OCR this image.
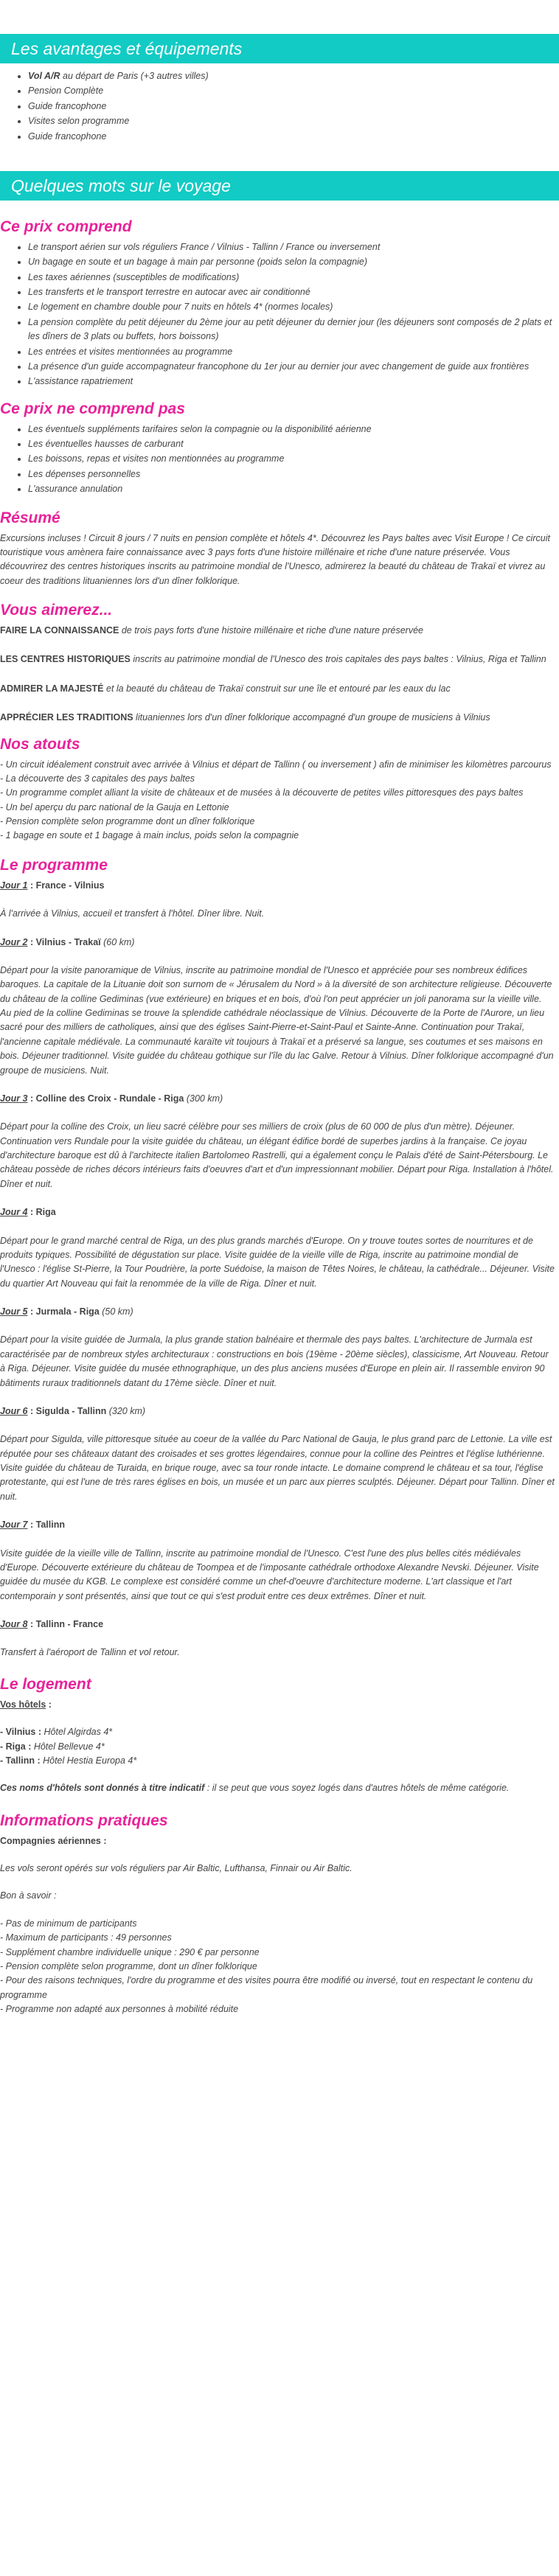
Les avantages et équipements
• Vol A/R au départ de Paris (+3 autres villes)
• Pension Complète
• Guide francophone
• Visites selon programme
• Guide francophone
Quelques mots sur le voyage
Ce prix comprend
• Le transport aérien sur vols réguliers France / Vilnius - Tallinn / France ou inversement
• Un bagage en soute et un bagage à main par personne (poids selon la compagnie)
• Les taxes aériennes (susceptibles de modifications)
• Les transferts et le transport terrestre en autocar avec air conditionné
• Le logement en chambre double pour 7 nuits en hôtels 4* (normes locales)
• La pension complète du petit déjeuner du 2ème jour au petit déjeuner du dernier jour (les déjeuners sont composés de 2 plats et les dîners de 3 plats ou buffets, hors boissons)
• Les entrées et visites mentionnées au programme
• La présence d'un guide accompagnateur francophone du 1er jour au dernier jour avec changement de guide aux frontières
• L'assistance rapatriement
Ce prix ne comprend pas
• Les éventuels suppléments tarifaires selon la compagnie ou la disponibilité aérienne
• Les éventuelles hausses de carburant
• Les boissons, repas et visites non mentionnées au programme
• Les dépenses personnelles
• L'assurance annulation
Résumé

Excursions incluses ! Circuit 8 jours / 7 nuits en pension complète et hôtels 4*. Découvrez les Pays baltes avec Visit Europe ! Ce circuit touristique vous amènera faire connaissance avec 3 pays forts d'une histoire millénaire et riche d'une nature préservée. Vous découvrirez des centres historiques inscrits au patrimoine mondial de l'Unesco, admirerez la beauté du château de Trakaï et vivrez au coeur des traditions lituaniennes lors d'un dîner folklorique.

Vous aimerez...

FAIRE LA CONNAISSANCE de trois pays forts d'une histoire millénaire et riche d'une nature préservée

LES CENTRES HISTORIQUES inscrits au patrimoine mondial de l'Unesco des trois capitales des pays baltes : Vilnius, Riga et Tallinn

ADMIRER LA MAJESTÉ et la beauté du château de Trakaï construit sur une île et entouré par les eaux du lac

APPRÉCIER LES TRADITIONS lituaniennes lors d'un dîner folklorique accompagné d'un groupe de musiciens à Vilnius

Nos atouts

- Un circuit idéalement construit avec arrivée à Vilnius et départ de Tallinn ( ou inversement ) afin de minimiser les kilomètres parcourus

- La découverte des 3 capitales des pays baltes

- Un programme complet alliant la visite de châteaux et de musées à la découverte de petites villes pittoresques des pays baltes

- Un bel aperçu du parc national de la Gauja en Lettonie

- Pension complète selon programme dont un dîner folklorique

- 1 bagage en soute et 1 bagage à main inclus, poids selon la compagnie

Le programme

Jour 1 : France - Vilnius

À l'arrivée à Vilnius, accueil et transfert à l'hôtel. Dîner libre. Nuit.

Jour 2 : Vilnius - Trakaï (60 km)

Départ pour la visite panoramique de Vilnius, inscrite au patrimoine mondial de l'Unesco et appréciée pour ses nombreux édifices baroques. La capitale de la Lituanie doit son surnom de « Jérusalem du Nord » à la diversité de son architecture religieuse. Découverte du château de la colline Gediminas (vue extérieure) en briques et en bois, d'où l'on peut apprécier un joli panorama sur la vieille ville. Au pied de la colline Gediminas se trouve la splendide cathédrale néoclassique de Vilnius. Découverte de la Porte de l'Aurore, un lieu sacré pour des milliers de catholiques, ainsi que des églises Saint-Pierre-et-Saint-Paul et Sainte-Anne. Continuation pour Trakaï, l'ancienne capitale médiévale. La communauté karaïte vit toujours à Trakaï et a préservé sa langue, ses coutumes et ses maisons en bois. Déjeuner traditionnel. Visite guidée du château gothique sur l'île du lac Galve. Retour à Vilnius. Dîner folklorique accompagné d'un groupe de musiciens. Nuit.

Jour 3 : Colline des Croix - Rundale - Riga (300 km)

Départ pour la colline des Croix, un lieu sacré célèbre pour ses milliers de croix (plus de 60 000 de plus d'un mètre). Déjeuner. Continuation vers Rundale pour la visite guidée du château, un élégant édifice bordé de superbes jardins à la française. Ce joyau d'architecture baroque est dû à l'architecte italien Bartolomeo Rastrelli, qui a également conçu le Palais d'été de Saint-Pétersbourg. Le château possède de riches décors intérieurs faits d'oeuvres d'art et d'un impressionnant mobilier. Départ pour Riga. Installation à l'hôtel. Dîner et nuit.

Jour 4 : Riga

Départ pour le grand marché central de Riga, un des plus grands marchés d'Europe. On y trouve toutes sortes de nourritures et de produits typiques. Possibilité de dégustation sur place. Visite guidée de la vieille ville de Riga, inscrite au patrimoine mondial de l'Unesco : l'église St-Pierre, la Tour Poudrière, la porte Suédoise, la maison de Têtes Noires, le château, la cathédrale... Déjeuner. Visite du quartier Art Nouveau qui fait la renommée de la ville de Riga. Dîner et nuit.

Jour 5 : Jurmala - Riga (50 km)

Départ pour la visite guidée de Jurmala, la plus grande station balnéaire et thermale des pays baltes. L'architecture de Jurmala est caractérisée par de nombreux styles architecturaux : constructions en bois (19ème - 20ème siècles), classicisme, Art Nouveau. Retour à Riga. Déjeuner. Visite guidée du musée ethnographique, un des plus anciens musées d'Europe en plein air. Il rassemble environ 90 bâtiments ruraux traditionnels datant du 17ème siècle. Dîner et nuit.

Jour 6 : Sigulda - Tallinn (320 km)

Départ pour Sigulda, ville pittoresque située au coeur de la vallée du Parc National de Gauja, le plus grand parc de Lettonie. La ville est réputée pour ses châteaux datant des croisades et ses grottes légendaires, connue pour la colline des Peintres et l'église luthérienne. Visite guidée du château de Turaida, en brique rouge, avec sa tour ronde intacte. Le domaine comprend le château et sa tour, l'église protestante, qui est l'une de très rares églises en bois, un musée et un parc aux pierres sculptés. Déjeuner. Départ pour Tallinn. Dîner et nuit.

Jour 7 : Tallinn

Visite guidée de la vieille ville de Tallinn, inscrite au patrimoine mondial de l'Unesco. C'est l'une des plus belles cités médiévales d'Europe. Découverte extérieure du château de Toompea et de l'imposante cathédrale orthodoxe Alexandre Nevski. Déjeuner. Visite guidée du musée du KGB. Le complexe est considéré comme un chef-d'oeuvre d'architecture moderne. L'art classique et l'art contemporain y sont présentés, ainsi que tout ce qui s'est produit entre ces deux extrêmes. Dîner et nuit.

Jour 8 : Tallinn - France

Transfert à l'aéroport de Tallinn et vol retour.

Le logement

Vos hôtels :

- Vilnius : Hôtel Algirdas 4*

- Riga : Hôtel Bellevue 4*

- Tallinn : Hôtel Hestia Europa 4*

Ces noms d'hôtels sont donnés à titre indicatif : il se peut que vous soyez logés dans d'autres hôtels de même catégorie.

Informations pratiques

Compagnies aériennes :

Les vols seront opérés sur vols réguliers par Air Baltic, Lufthansa, Finnair ou Air Baltic.

Bon à savoir :

- Pas de minimum de participants

- Maximum de participants : 49 personnes

- Supplément chambre individuelle unique : 290 € par personne

- Pension complète selon programme, dont un dîner folklorique

- Pour des raisons techniques, l'ordre du programme et des visites pourra être modifié ou inversé, tout en respectant le contenu du programme

- Programme non adapté aux personnes à mobilité réduite
